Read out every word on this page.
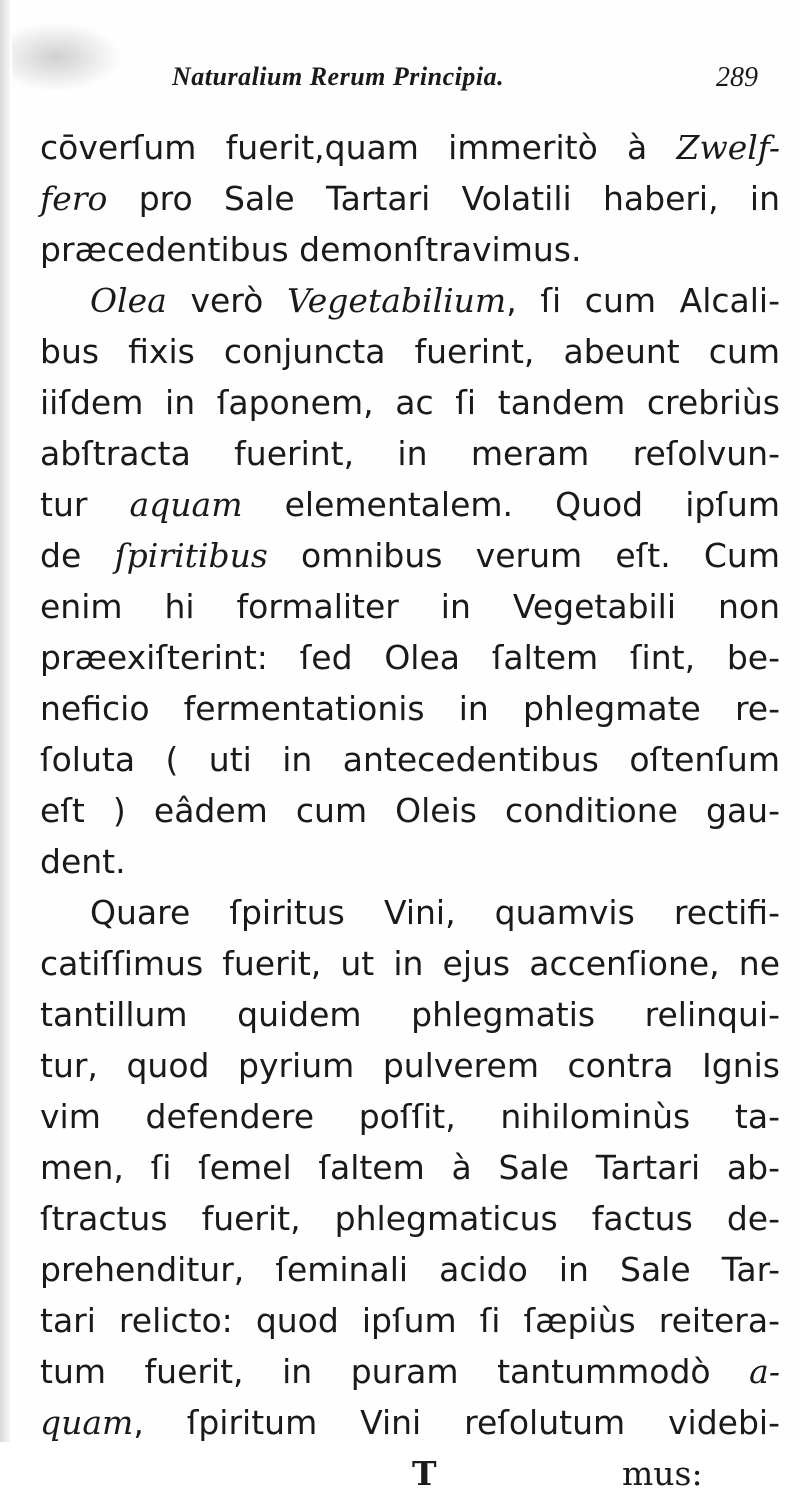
Naturalium Rerum Principia.	289
cōverſum fuerit,quam immeritò à Zwelf-
fero pro Sale Tartari Volatili haberi, in
præcedentibus demonſtravimus.
Olea verò Vegetabilium, ſi cum Alcali-
bus fixis conjuncta fuerint, abeunt cum
iiſdem in ſaponem, ac ſi tandem crebriùs
abſtracta fuerint, in meram reſolvun-
tur aquam elementalem. Quod ipſum
de ſpiritibus omnibus verum eſt. Cum
enim hi formaliter in Vegetabili non
præexiſterint: ſed Olea ſaltem ſint, be-
neficio fermentationis in phlegmate re-
ſoluta ( uti in antecedentibus oſtenſum
eſt ) eâdem cum Oleis conditione gau-
dent.
Quare ſpiritus Vini, quamvis rectifi-
catiſſimus fuerit, ut in ejus accenſione, ne
tantillum quidem phlegmatis relinqui-
tur, quod pyrium pulverem contra Ignis
vim defendere poſſit, nihilominùs ta-
men, ſi ſemel ſaltem à Sale Tartari ab-
ſtractus fuerit, phlegmaticus factus de-
prehenditur, ſeminali acido in Sale Tar-
tari relicto: quod ipſum ſi ſæpiùs reitera-
tum fuerit, in puram tantummodò a-
quam, ſpiritum Vini reſolutum videbi-
T	mus:
